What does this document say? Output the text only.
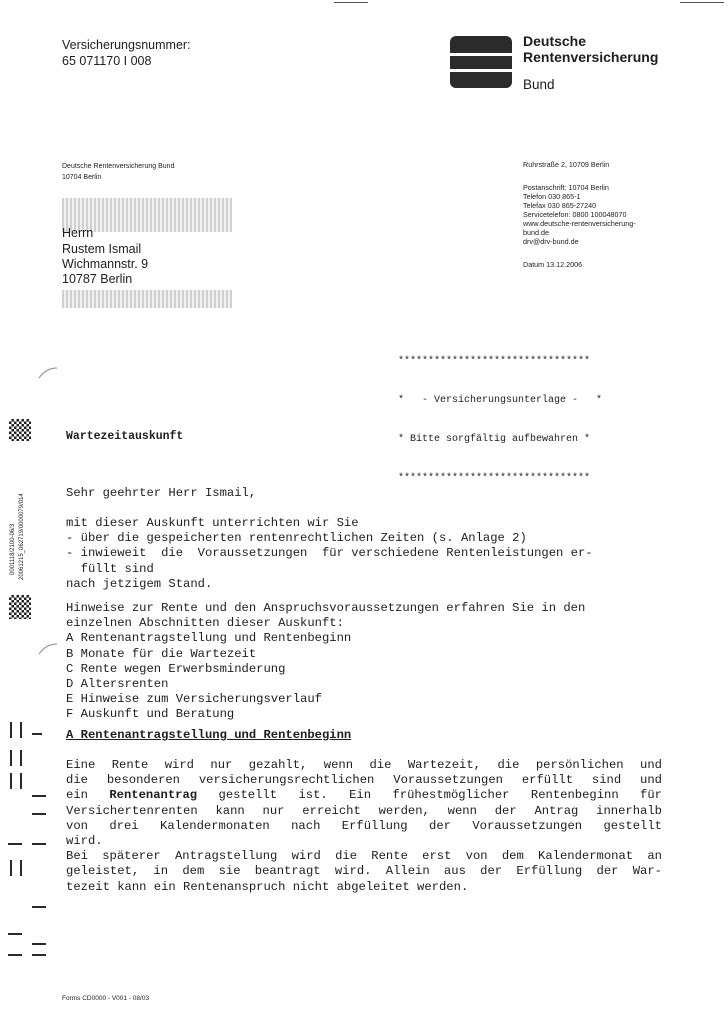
Versicherungsnummer:
65 071170 I 008
Deutsche
Rentenversicherung
Bund
Deutsche Rentenversicherung Bund
10704 Berlin
Herrn
Rustem Ismail
Wichmannstr. 9
10787 Berlin
Ruhrstraße 2, 10709 Berlin
Postanschrift: 10704 Berlin
Telefon 030 865-1
Telefax 030 865-27240
Servicetelefon: 0800 100048070
www.deutsche-rentenversicherung-
bund.de
drv@drv-bund.de
Datum 13.12.2006

********************************

*   - Versicherungsunterlage -   *

* Bitte sorgfältig aufbewahren *

********************************

Wartezeitauskunft
Sehr geehrter Herr Ismail,
mit dieser Auskunft unterrichten wir Sie
- über die gespeicherten rentenrechtlichen Zeiten (s. Anlage 2)
- inwieweit  die  Voraussetzungen  für verschiedene Rentenleistungen er-
füllt sind
nach jetzigem Stand.
Hinweise zur Rente und den Anspruchsvoraussetzungen erfahren Sie in den
einzelnen Abschnitten dieser Auskunft:
A Rentenantragstellung und Rentenbeginn
B Monate für die Wartezeit
C Rente wegen Erwerbsminderung
D Altersrenten
E Hinweise zum Versicherungsverlauf
F Auskunft und Beratung
A Rentenantragstellung und Rentenbeginn
Eine Rente wird nur gezahlt, wenn die Wartezeit, die persönlichen und
die besonderen versicherungsrechtlichen Voraussetzungen erfüllt sind und
ein Rentenantrag gestellt ist. Ein frühestmöglicher Rentenbeginn für
Versichertenrenten kann nur erreicht werden, wenn der Antrag innerhalb
von drei Kalendermonaten nach Erfüllung der Voraussetzungen gestellt
wird.
Bei späterer Antragstellung wird die Rente erst von dem Kalendermonat an
geleistet, in dem sie beantragt wird. Allein aus der Erfüllung der War-
tezeit kann ein Rentenanspruch nicht abgeleitet werden.
Forms CD0000 - V001 - 08/03
0001118/2100-06/3 20061215_062719/0000079/014
